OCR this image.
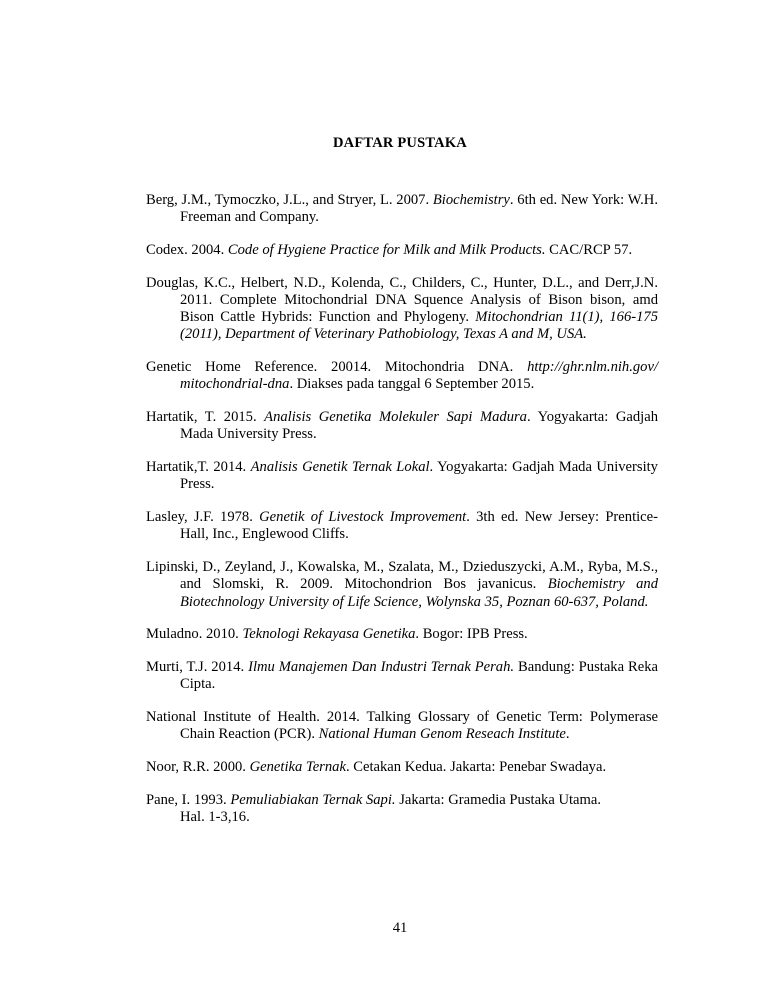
DAFTAR PUSTAKA

Berg, J.M., Tymoczko, J.L., and Stryer, L. 2007. Biochemistry. 6th ed. New York: W.H. Freeman and Company.

Codex. 2004. Code of Hygiene Practice for Milk and Milk Products. CAC/RCP 57.

Douglas, K.C., Helbert, N.D., Kolenda, C., Childers, C., Hunter, D.L., and Derr,J.N. 2011. Complete Mitochondrial DNA Squence Analysis of Bison bison, amd Bison Cattle Hybrids: Function and Phylogeny. Mitochondrian 11(1), 166-175 (2011), Department of Veterinary Pathobiology, Texas A and M, USA.

Genetic Home Reference. 20014. Mitochondria DNA. http://ghr.nlm.nih.gov/ mitochondrial-dna. Diakses pada tanggal 6 September 2015.

Hartatik, T. 2015. Analisis Genetika Molekuler Sapi Madura. Yogyakarta: Gadjah Mada University Press.

Hartatik,T. 2014. Analisis Genetik Ternak Lokal. Yogyakarta: Gadjah Mada University Press.

Lasley, J.F. 1978. Genetik of Livestock Improvement. 3th ed. New Jersey: Prentice-Hall, Inc., Englewood Cliffs.

Lipinski, D., Zeyland, J., Kowalska, M., Szalata, M., Dzieduszycki, A.M., Ryba, M.S., and Slomski, R. 2009. Mitochondrion Bos javanicus. Biochemistry and Biotechnology University of Life Science, Wolynska 35, Poznan 60-637, Poland.

Muladno. 2010. Teknologi Rekayasa Genetika. Bogor: IPB Press.

Murti, T.J. 2014. Ilmu Manajemen Dan Industri Ternak Perah. Bandung: Pustaka Reka Cipta.

National Institute of Health. 2014. Talking Glossary of Genetic Term: Polymerase Chain Reaction (PCR). National Human Genom Reseach Institute.

Noor, R.R. 2000. Genetika Ternak. Cetakan Kedua. Jakarta: Penebar Swadaya.

Pane, I. 1993. Pemuliabiakan Ternak Sapi. Jakarta: Gramedia Pustaka Utama.
Hal. 1-3,16.

41
